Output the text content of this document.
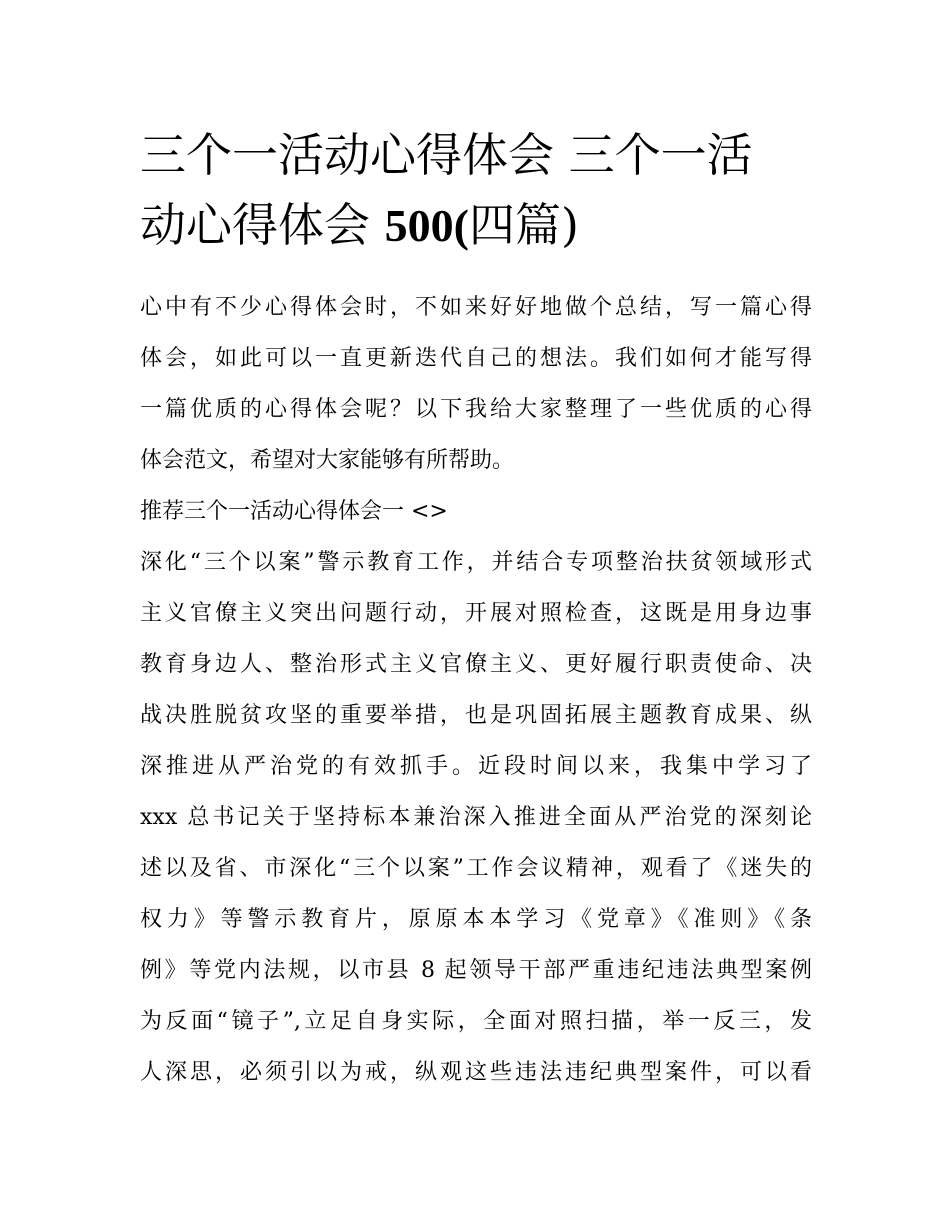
三个一活动心得体会 三个一活
动心得体会 500(四篇)
心中有不少心得体会时，不如来好好地做个总结，写一篇心得
体会，如此可以一直更新迭代自己的想法。我们如何才能写得
一篇优质的心得体会呢？以下我给大家整理了一些优质的心得
体会范文，希望对大家能够有所帮助。
推荐三个一活动心得体会一 <>
深化“三个以案”警示教育工作，并结合专项整治扶贫领域形式
主义官僚主义突出问题行动，开展对照检查，这既是用身边事
教育身边人、整治形式主义官僚主义、更好履行职责使命、决
战决胜脱贫攻坚的重要举措，也是巩固拓展主题教育成果、纵
深推进从严治党的有效抓手。近段时间以来，我集中学习了
xxx 总书记关于坚持标本兼治深入推进全面从严治党的深刻论
述以及省、市深化“三个以案”工作会议精神，观看了《迷失的
权力》等警示教育片，原原本本学习《党章》《准则》《条
例》等党内法规，以市县 8 起领导干部严重违纪违法典型案例
为反面“镜子”,立足自身实际，全面对照扫描，举一反三，发
人深思，必须引以为戒，纵观这些违法违纪典型案件，可以看
